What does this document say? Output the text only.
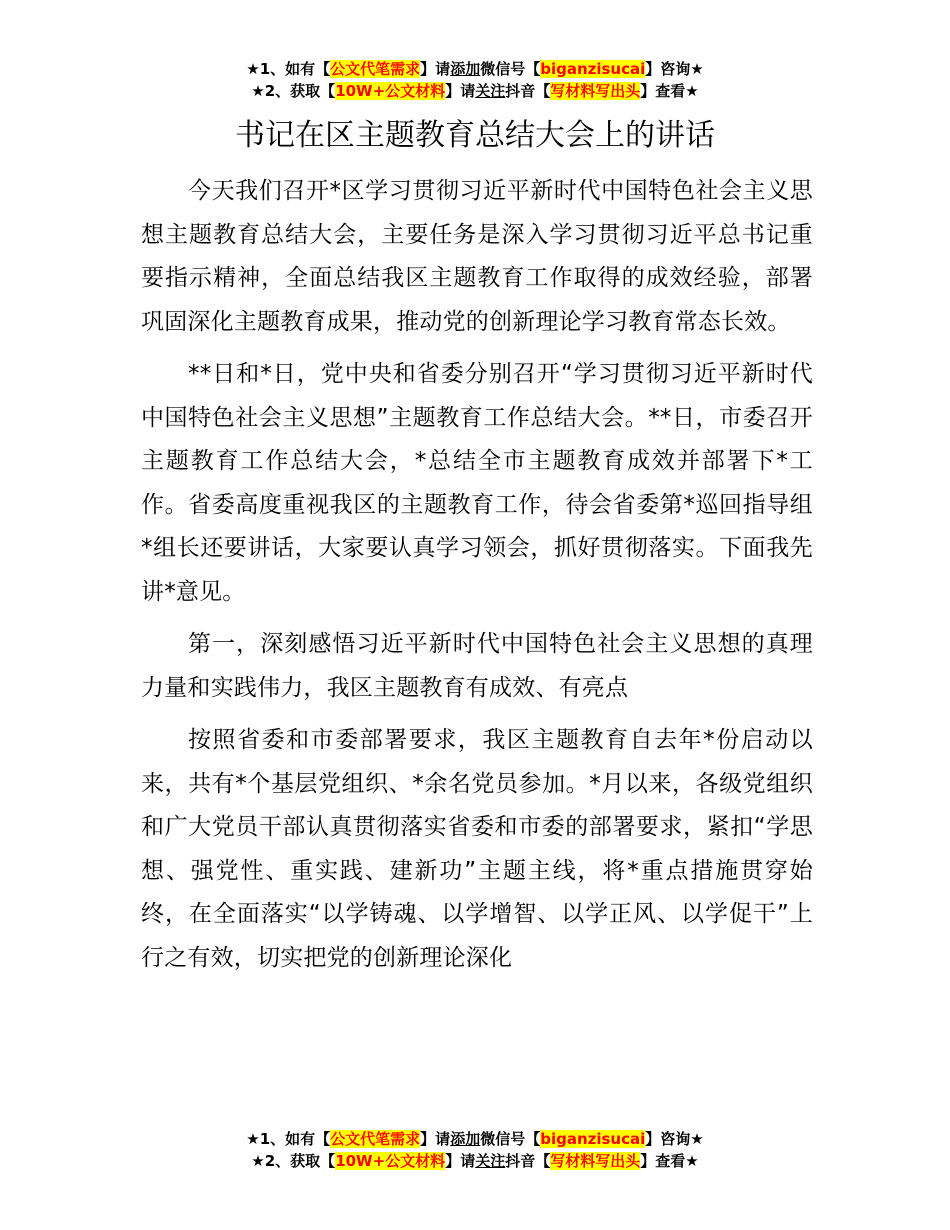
★1、如有【公文代笔需求】请添加微信号【biganzisucai】咨询★
★2、获取【10W+公文材料】请关注抖音【写材料写出头】查看★
书记在区主题教育总结大会上的讲话

今天我们召开*区学习贯彻习近平新时代中国特色社会主义思想主题教育总结大会，主要任务是深入学习贯彻习近平总书记重要指示精神，全面总结我区主题教育工作取得的成效经验，部署巩固深化主题教育成果，推动党的创新理论学习教育常态长效。

**日和*日，党中央和省委分别召开“学习贯彻习近平新时代中国特色社会主义思想”主题教育工作总结大会。**日，市委召开主题教育工作总结大会，*总结全市主题教育成效并部署下*工作。省委高度重视我区的主题教育工作，待会省委第*巡回指导组*组长还要讲话，大家要认真学习领会，抓好贯彻落实。下面我先讲*意见。

第一，深刻感悟习近平新时代中国特色社会主义思想的真理力量和实践伟力，我区主题教育有成效、有亮点

按照省委和市委部署要求，我区主题教育自去年*份启动以来，共有*个基层党组织、*余名党员参加。*月以来，各级党组织和广大党员干部认真贯彻落实省委和市委的部署要求，紧扣“学思想、强党性、重实践、建新功”主题主线，将*重点措施贯穿始终，在全面落实“以学铸魂、以学增智、以学正风、以学促干”上行之有效，切实把党的创新理论深化

★1、如有【公文代笔需求】请添加微信号【biganzisucai】咨询★
★2、获取【10W+公文材料】请关注抖音【写材料写出头】查看★
